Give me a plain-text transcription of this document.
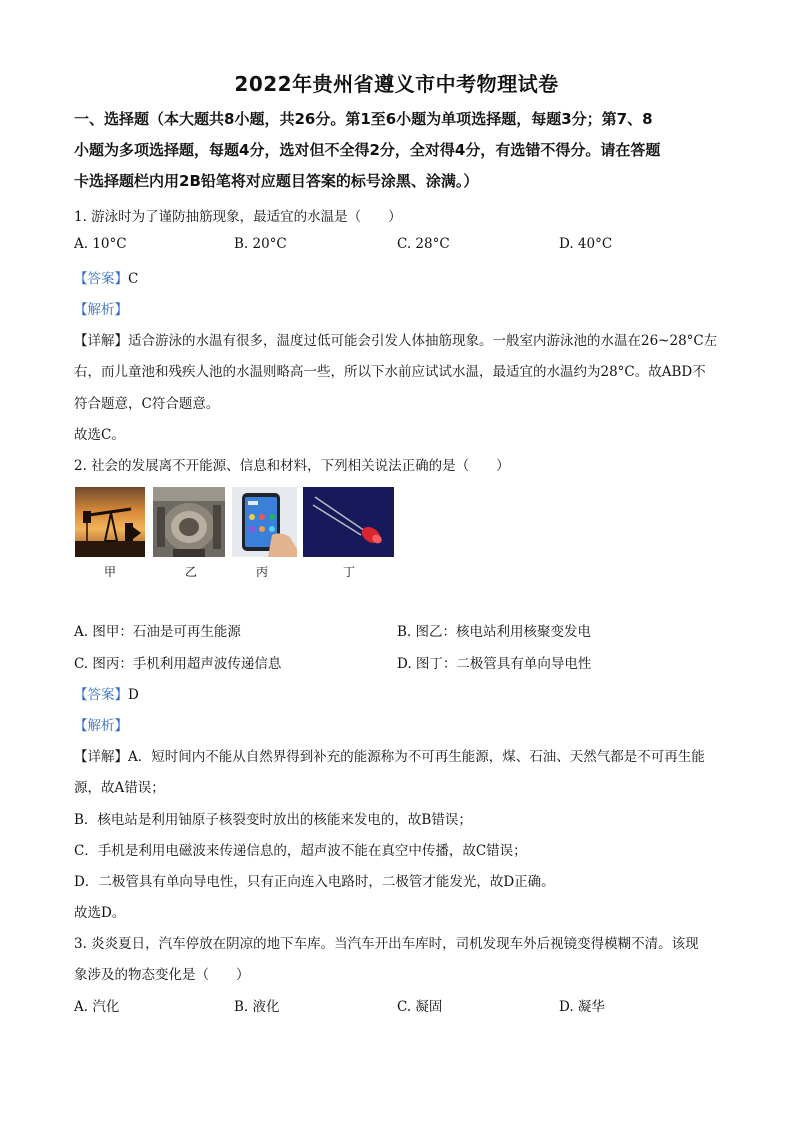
2022年贵州省遵义市中考物理试卷
一、选择题（本大题共8小题，共26分。第1至6小题为单项选择题，每题3分；第7、8
小题为多项选择题，每题4分，选对但不全得2分，全对得4分，有选错不得分。请在答题
卡选择题栏内用2B铅笔将对应题目答案的标号涂黑、涂满。）
1. 游泳时为了谨防抽筋现象，最适宜的水温是（　　）
A. 10°C	B. 20°C	C. 28°C	D. 40°C
【答案】C
【解析】
【详解】适合游泳的水温有很多，温度过低可能会引发人体抽筋现象。一般室内游泳池的水温在26~28°C左
右，而儿童池和残疾人池的水温则略高一些，所以下水前应试试水温，最适宜的水温约为28°C。故ABD不
符合题意，C符合题意。
故选C。
2. 社会的发展离不开能源、信息和材料，下列相关说法正确的是（　　）
甲	乙	丙	丁
A. 图甲：石油是可再生能源	B. 图乙：核电站利用核聚变发电
C. 图丙：手机利用超声波传递信息	D. 图丁：二极管具有单向导电性
【答案】D
【解析】
【详解】A．短时间内不能从自然界得到补充的能源称为不可再生能源，煤、石油、天然气都是不可再生能
源，故A错误；
B．核电站是利用铀原子核裂变时放出的核能来发电的，故B错误；
C．手机是利用电磁波来传递信息的，超声波不能在真空中传播，故C错误；
D．二极管具有单向导电性，只有正向连入电路时，二极管才能发光，故D正确。
故选D。
3. 炎炎夏日，汽车停放在阴凉的地下车库。当汽车开出车库时，司机发现车外后视镜变得模糊不清。该现
象涉及的物态变化是（　　）
A. 汽化	B. 液化	C. 凝固	D. 凝华
